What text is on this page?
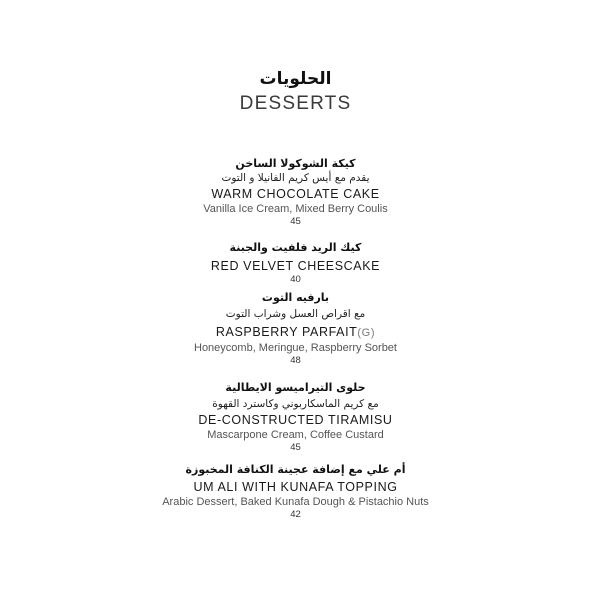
الحلويات
DESSERTS
كيكة الشوكولا الساخن
يقدم مع أيس كريم الفانيلا و التوت
WARM CHOCOLATE CAKE
Vanilla Ice Cream, Mixed Berry Coulis
45
كيك الريد فلفيت والجبنة
RED VELVET CHEESCAKE
40
بارفيه التوت
مع اقراص العسل وشراب التوت
RASPBERRY PARFAIT(G)
Honeycomb, Meringue, Raspberry Sorbet
48
حلوى التيراميسو الايطالية
مع كريم الماسكاربوني وكاسترد القهوة
DE-CONSTRUCTED TIRAMISU
Mascarpone Cream, Coffee Custard
45
أم علي مع إضافة عجينة الكنافة المخبوزة
UM ALI WITH KUNAFA TOPPING
Arabic Dessert, Baked Kunafa Dough & Pistachio Nuts
42
